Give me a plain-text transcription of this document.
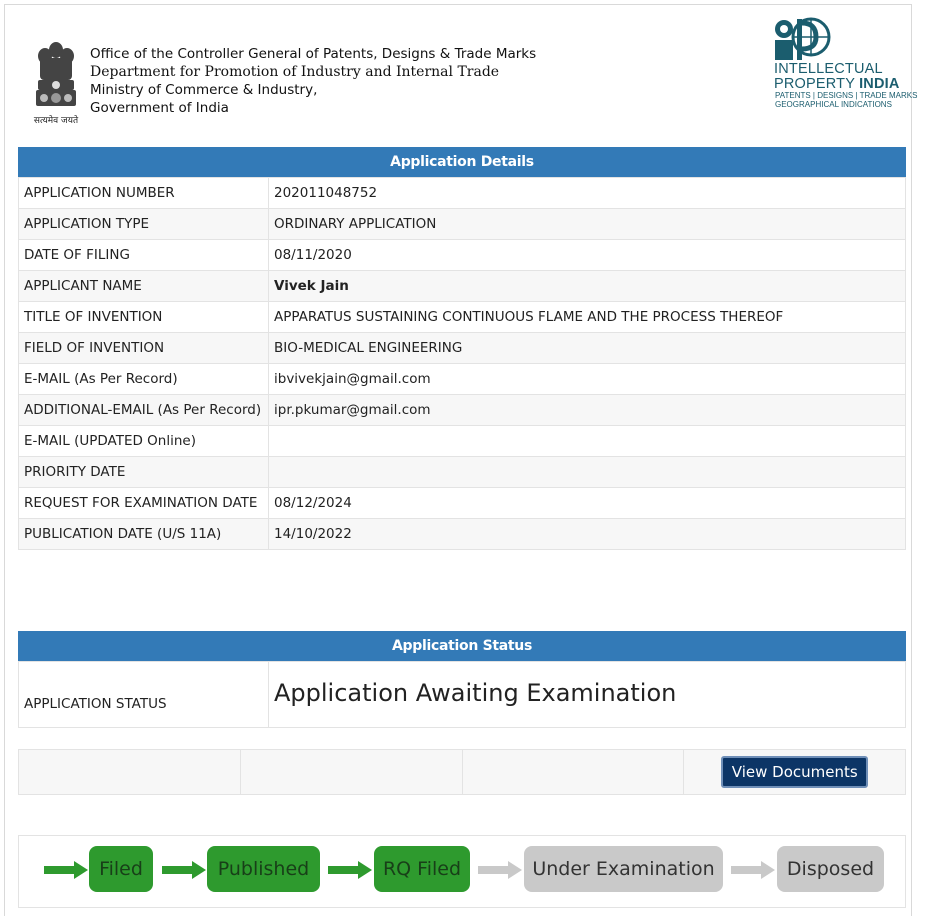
सत्यमेव जयते
Office of the Controller General of Patents, Designs & Trade Marks
Department for Promotion of Industry and Internal Trade
Ministry of Commerce & Industry,
Government of India
INTELLECTUAL
PROPERTY INDIA
PATENTS | DESIGNS | TRADE MARKS
GEOGRAPHICAL INDICATIONS
Application Details
APPLICATION NUMBER	202011048752
APPLICATION TYPE	ORDINARY APPLICATION
DATE OF FILING	08/11/2020
APPLICANT NAME	Vivek Jain
TITLE OF INVENTION	APPARATUS SUSTAINING CONTINUOUS FLAME AND THE PROCESS THEREOF
FIELD OF INVENTION	BIO-MEDICAL ENGINEERING
E-MAIL (As Per Record)	ibvivekjain@gmail.com
ADDITIONAL-EMAIL (As Per Record)	ipr.pkumar@gmail.com
E-MAIL (UPDATED Online)	
PRIORITY DATE	
REQUEST FOR EXAMINATION DATE	08/12/2024
PUBLICATION DATE (U/S 11A)	14/10/2022
Application Status
APPLICATION STATUS	Application Awaiting Examination
View Documents
Filed	Published	RQ Filed	Under Examination	Disposed
